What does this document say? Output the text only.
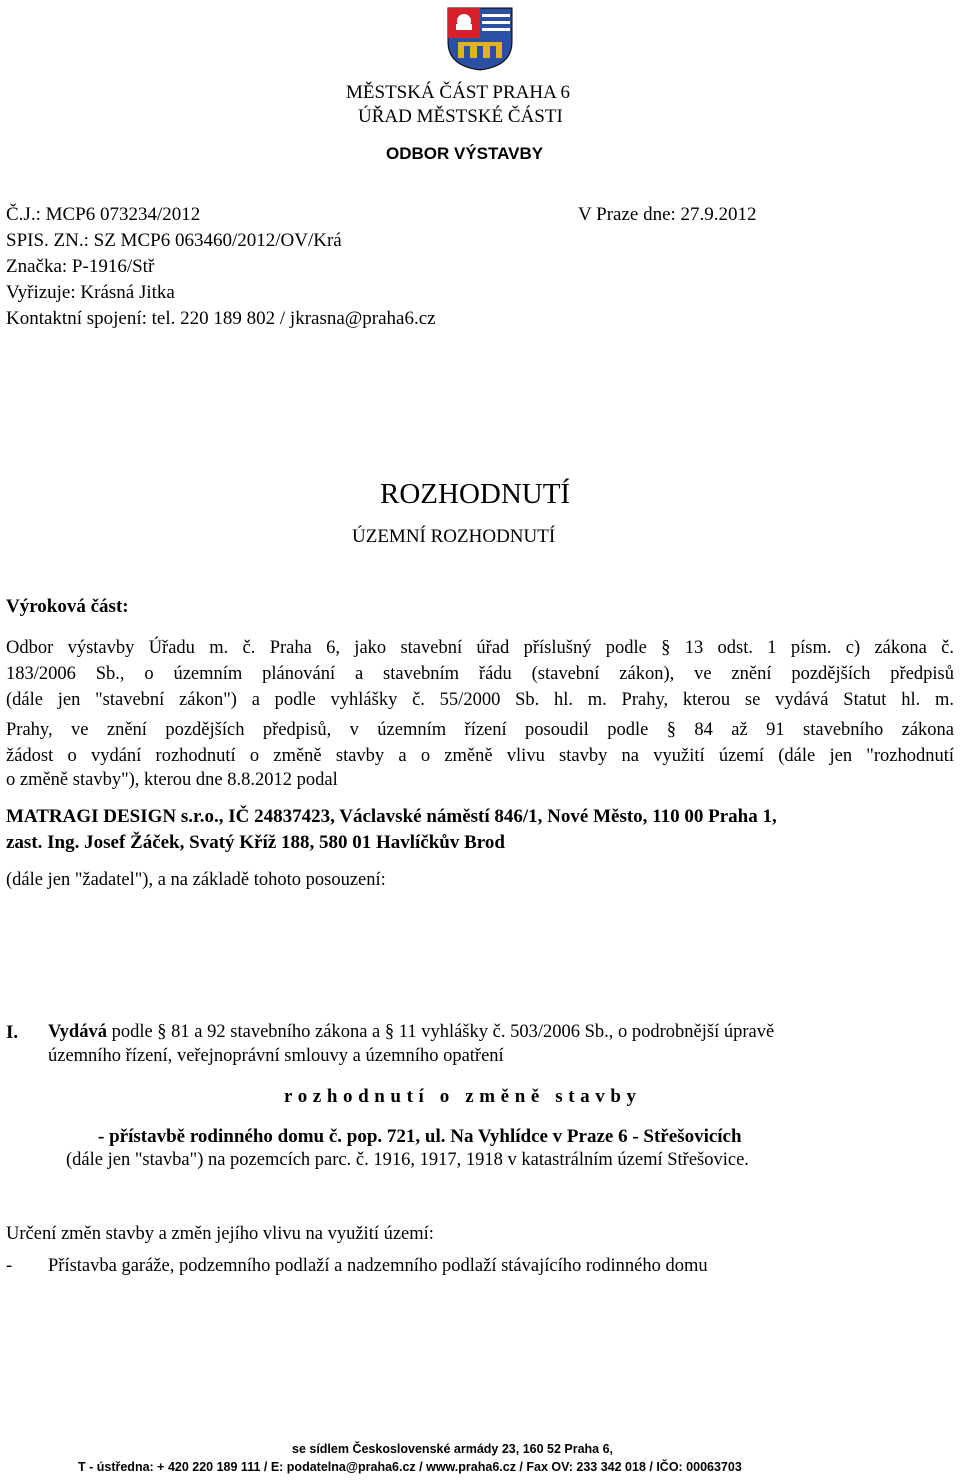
MĚSTSKÁ ČÁST PRAHA 6
ÚŘAD MĚSTSKÉ ČÁSTI
ODBOR VÝSTAVBY
Č.J.: MCP6 073234/2012	V Praze dne: 27.9.2012
SPIS. ZN.: SZ MCP6 063460/2012/OV/Krá
Značka: P-1916/Stř
Vyřizuje: Krásná Jitka
Kontaktní spojení: tel. 220 189 802 / jkrasna@praha6.cz
ROZHODNUTÍ
ÚZEMNÍ ROZHODNUTÍ
Výroková část:
Odbor výstavby Úřadu m. č. Praha 6, jako stavební úřad příslušný podle § 13 odst. 1 písm. c) zákona č.
183/2006 Sb., o územním plánování a stavebním řádu (stavební zákon), ve znění pozdějších předpisů
(dále jen "stavební zákon") a podle vyhlášky č. 55/2000 Sb. hl. m. Prahy, kterou se vydává Statut hl. m.
Prahy, ve znění pozdějších předpisů, v územním řízení posoudil podle § 84 až 91 stavebního zákona
žádost o vydání rozhodnutí o změně stavby a o změně vlivu stavby na využití území (dále jen "rozhodnutí
o změně stavby"), kterou dne 8.8.2012 podal
MATRAGI DESIGN s.r.o., IČ 24837423, Václavské náměstí 846/1, Nové Město, 110 00 Praha 1,
zast. Ing. Josef Žáček, Svatý Kříž 188, 580 01 Havlíčkův Brod
(dále jen "žadatel"), a na základě tohoto posouzení:
I. Vydává podle § 81 a 92 stavebního zákona a § 11 vyhlášky č. 503/2006 Sb., o podrobnější úpravě
územního řízení, veřejnoprávní smlouvy a územního opatření
rozhodnutí o změně stavby
- přístavbě rodinného domu č. pop. 721, ul. Na Vyhlídce v Praze 6 - Střešovicích
(dále jen "stavba") na pozemcích parc. č. 1916, 1917, 1918 v katastrálním území Střešovice.
Určení změn stavby a změn jejího vlivu na využití území:
- Přístavba garáže, podzemního podlaží a nadzemního podlaží stávajícího rodinného domu
se sídlem Československé armády 23, 160 52 Praha 6,
T - ústředna: + 420 220 189 111 / E: podatelna@praha6.cz / www.praha6.cz / Fax OV: 233 342 018 / IČO: 00063703
